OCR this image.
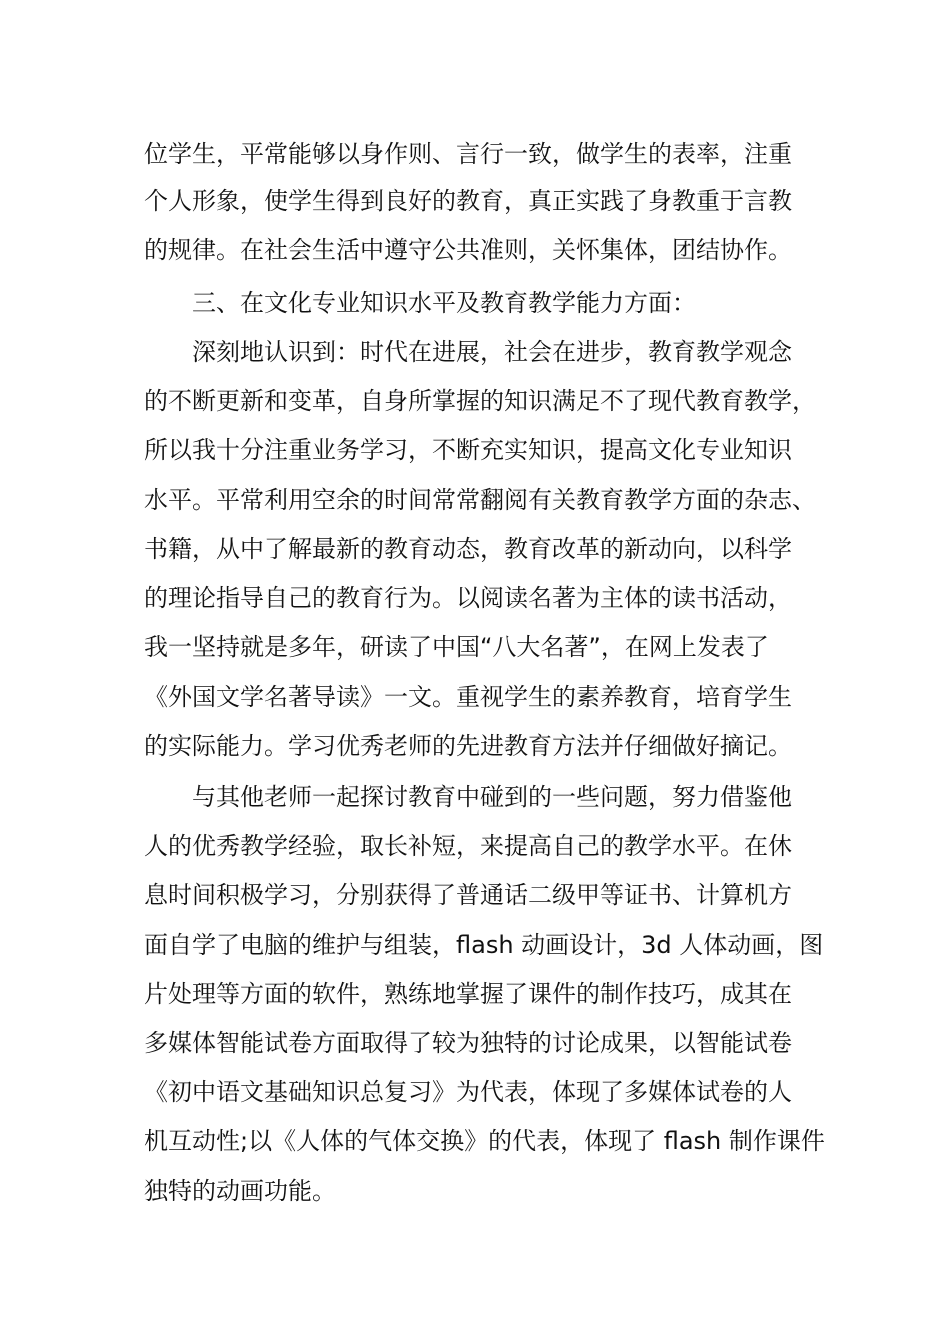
位学生，平常能够以身作则、言行一致，做学生的表率，注重
个人形象，使学生得到良好的教育，真正实践了身教重于言教
的规律。在社会生活中遵守公共准则，关怀集体，团结协作。
三、在文化专业知识水平及教育教学能力方面：
深刻地认识到：时代在进展，社会在进步，教育教学观念
的不断更新和变革，自身所掌握的知识满足不了现代教育教学，
所以我十分注重业务学习，不断充实知识，提高文化专业知识
水平。平常利用空余的时间常常翻阅有关教育教学方面的杂志、
书籍，从中了解最新的教育动态，教育改革的新动向，以科学
的理论指导自己的教育行为。以阅读名著为主体的读书活动，
我一坚持就是多年，研读了中国“八大名著”，在网上发表了
《外国文学名著导读》一文。重视学生的素养教育，培育学生
的实际能力。学习优秀老师的先进教育方法并仔细做好摘记。
与其他老师一起探讨教育中碰到的一些问题，努力借鉴他
人的优秀教学经验，取长补短，来提高自己的教学水平。在休
息时间积极学习，分别获得了普通话二级甲等证书、计算机方
面自学了电脑的维护与组装，flash 动画设计，3d 人体动画，图
片处理等方面的软件，熟练地掌握了课件的制作技巧，成其在
多媒体智能试卷方面取得了较为独特的讨论成果，以智能试卷
《初中语文基础知识总复习》为代表，体现了多媒体试卷的人
机互动性;以《人体的气体交换》的代表，体现了 flash 制作课件
独特的动画功能。
